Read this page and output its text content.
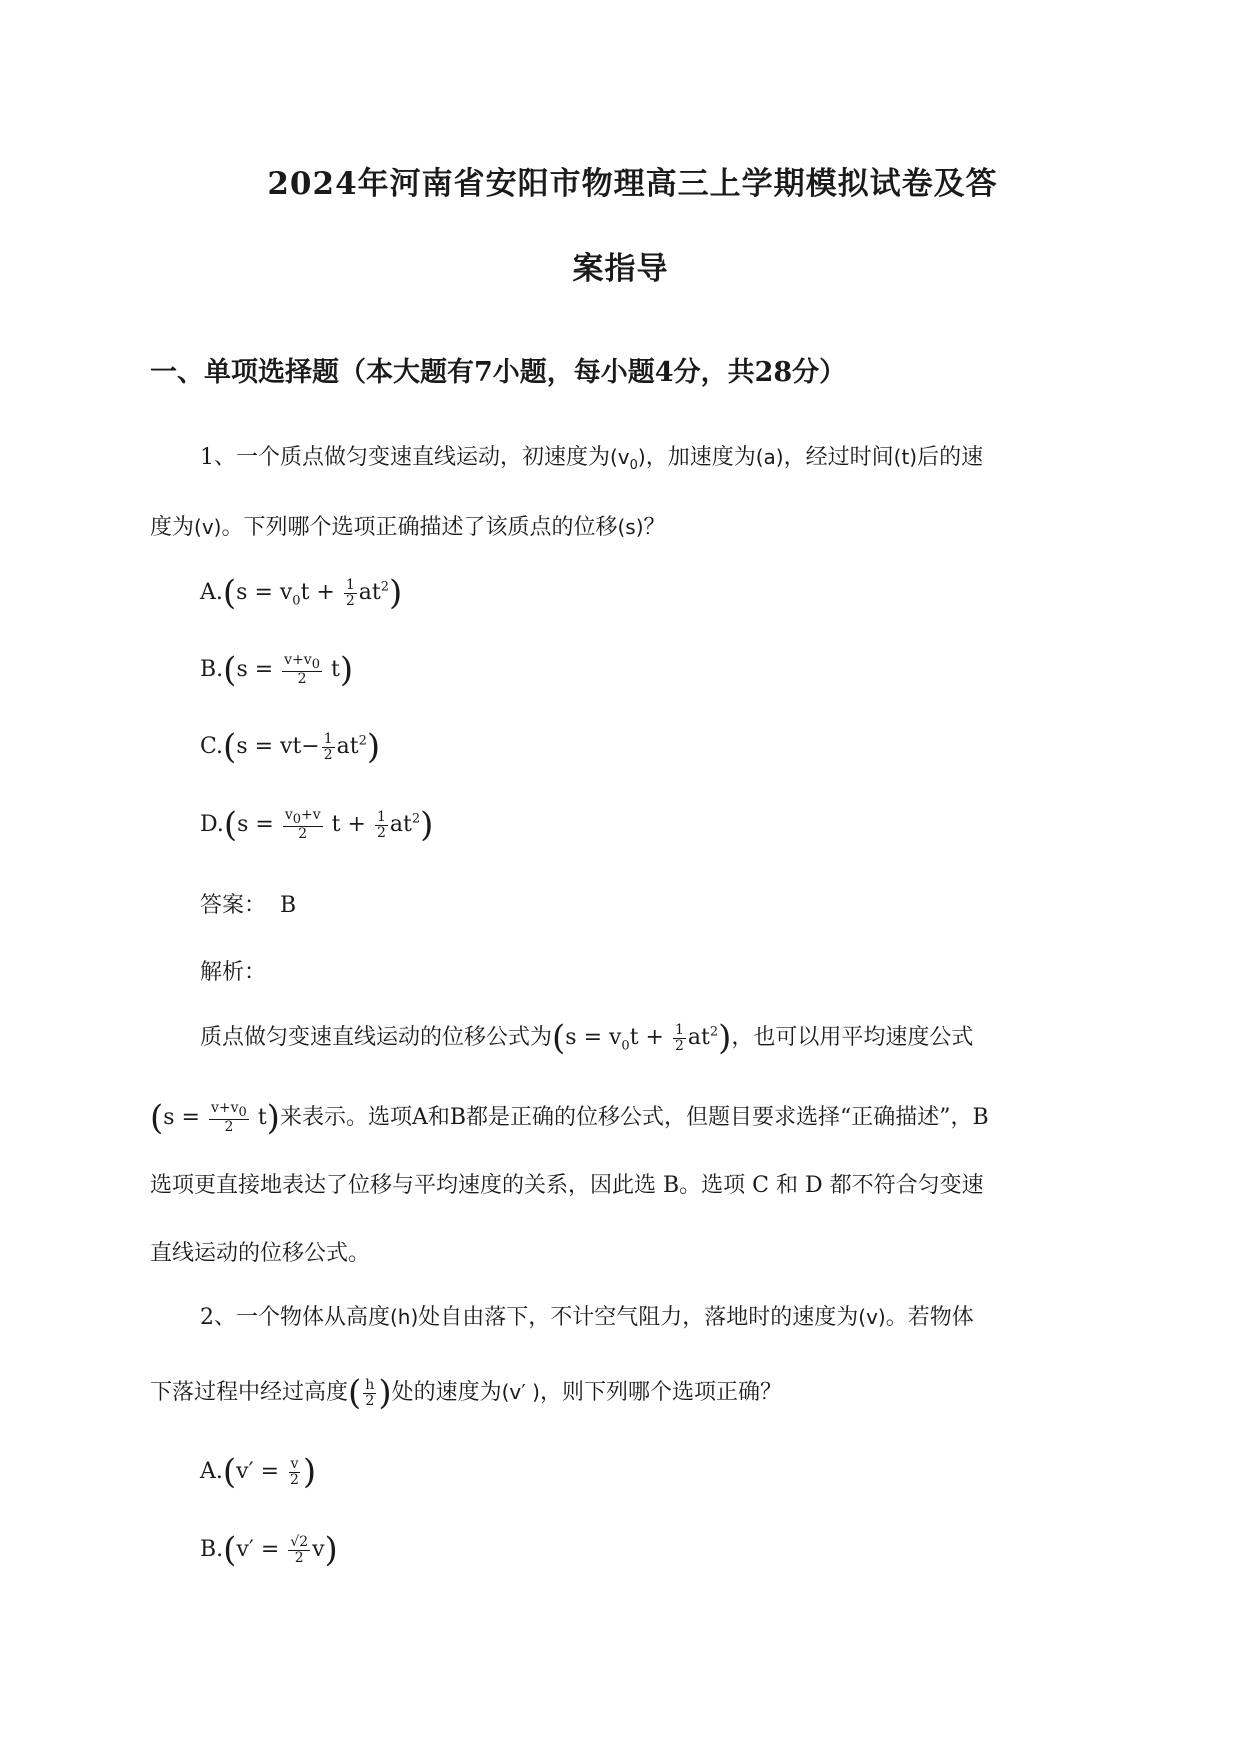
2024年河南省安阳市物理高三上学期模拟试卷及答
案指导
一、单项选择题（本大题有7小题，每小题4分，共28分）
1、一个质点做匀变速直线运动，初速度为$(v_0)$，加速度为(a)，经过时间(t)后的速
度为(v)。下列哪个选项正确描述了该质点的位移(s)？
$A.(s = v_0t + \frac{1}{2} at^2)$
$B.(s = \frac{v+v_0}{2} t)$
$C.(s = vt- \frac{1}{2} at^2)$
$D.(s = \frac{v_0+v}{2}$ $t + \frac{1}{2} at^2$)
答案： B
解析：
质点做匀变速直线运动的位移公式为$(s = v_0t + \frac{1}{2} at^2)$，也可以用平均速度公式
$(s = \frac{v+v_0}{2} t)$来表示。选项A和B都是正确的位移公式，但题目要求选择“正确描述”，B
选项更直接地表达了位移与平均速度的关系，因此选 B。选项 C 和 D 都不符合匀变速
直线运动的位移公式。
2、一个物体从高度(h)处自由落下，不计空气阻力，落地时的速度为(v)。若物体
下落过程中经过高度( $\frac{h}{2}$ )处的速度为(v′ )，则下列哪个选项正确？
$A.(v' = \frac{v}{2}$ )
$B.(v' = \frac{√2}{2} v)$
